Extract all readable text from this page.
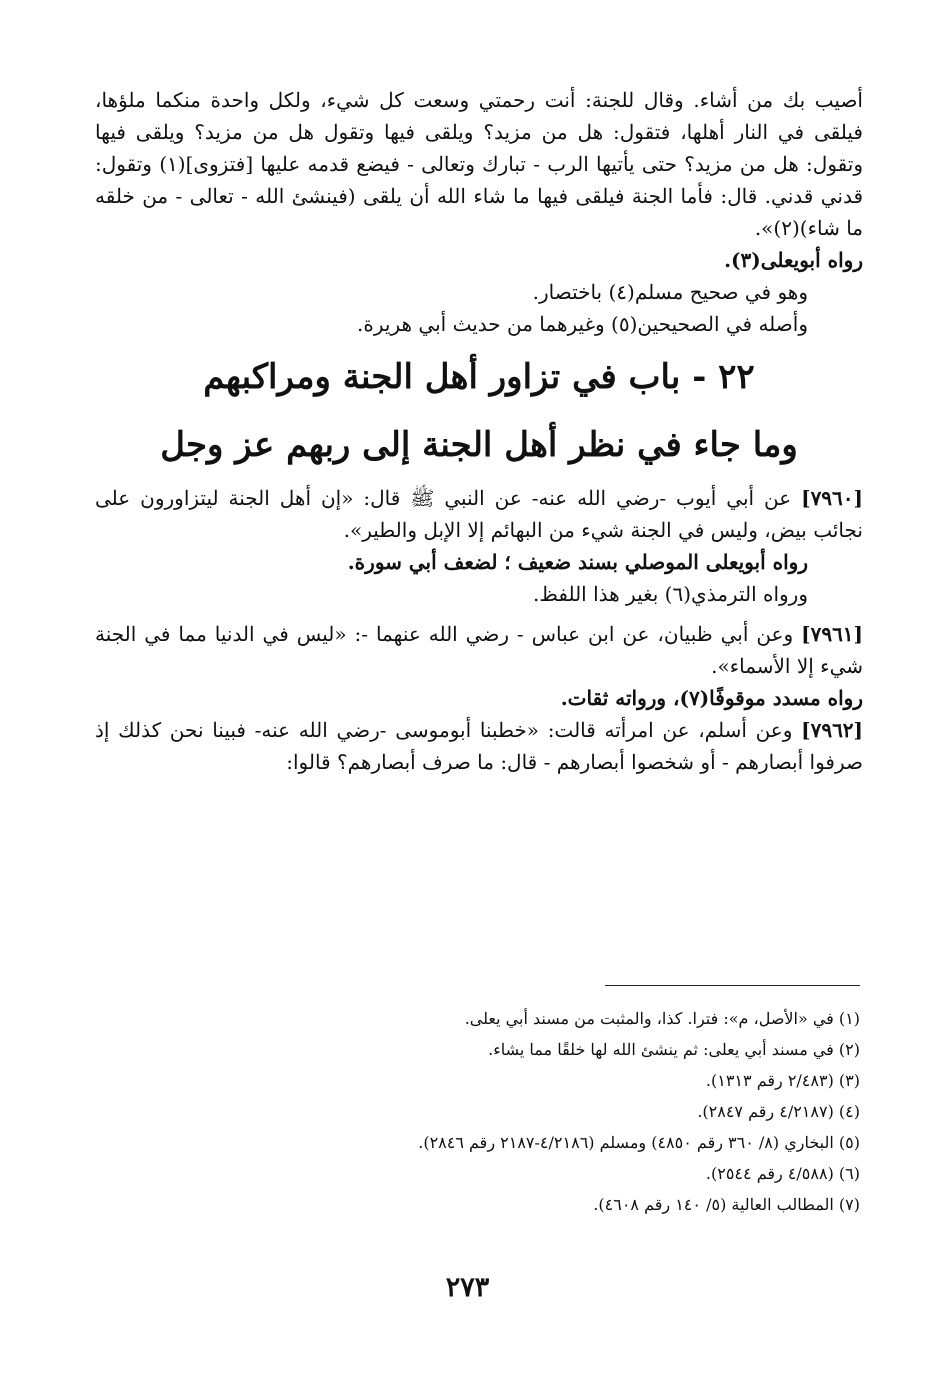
أصيب بك من أشاء. وقال للجنة: أنت رحمتي وسعت كل شيء، ولكل واحدة منكما ملؤها، فيلقى في النار أهلها، فتقول: هل من مزيد؟ ويلقى فيها وتقول هل من مزيد؟ ويلقى فيها وتقول: هل من مزيد؟ حتى يأتيها الرب - تبارك وتعالى - فيضع قدمه عليها [فتزوى](١) وتقول: قدني قدني. قال: فأما الجنة فيلقى فيها ما شاء الله أن يلقى (فينشئ الله - تعالى - من خلقه ما شاء)(٢)».

رواه أبويعلى(٣).

وهو في صحيح مسلم(٤) باختصار.

وأصله في الصحيحين(٥) وغيرهما من حديث أبي هريرة.

٢٢ - باب في تزاور أهل الجنة ومراكبهم

وما جاء في نظر أهل الجنة إلى ربهم عز وجل

[٧٩٦٠] عن أبي أيوب -رضي الله عنه- عن النبي ﷺ قال: «إن أهل الجنة ليتزاورون على نجائب بيض، وليس في الجنة شيء من البهائم إلا الإبل والطير».

رواه أبويعلى الموصلي بسند ضعيف ؛ لضعف أبي سورة.

ورواه الترمذي(٦) بغير هذا اللفظ.

[٧٩٦١] وعن أبي ظبيان، عن ابن عباس - رضي الله عنهما -: «ليس في الدنيا مما في الجنة شيء إلا الأسماء».

رواه مسدد موقوفًا(٧)، ورواته ثقات.

[٧٩٦٢] وعن أسلم، عن امرأته قالت: «خطبنا أبوموسى -رضي الله عنه- فبينا نحن كذلك إذ صرفوا أبصارهم - أو شخصوا أبصارهم - قال: ما صرف أبصارهم؟ قالوا:

(١) في «الأصل، م»: فترا. كذا، والمثبت من مسند أبي يعلى.

(٢) في مسند أبي يعلى: ثم ينشئ الله لها خلقًا مما يشاء.

(٣) (٢/٤٨٣ رقم ١٣١٣).

(٤) (٤/٢١٨٧ رقم ٢٨٤٧).

(٥) البخاري (٨/ ٣٦٠ رقم ٤٨٥٠) ومسلم (٤/٢١٨٦-٢١٨٧ رقم ٢٨٤٦).

(٦) (٤/٥٨٨ رقم ٢٥٤٤).

(٧) المطالب العالية (٥/ ١٤٠ رقم ٤٦٠٨).

٢٧٣
